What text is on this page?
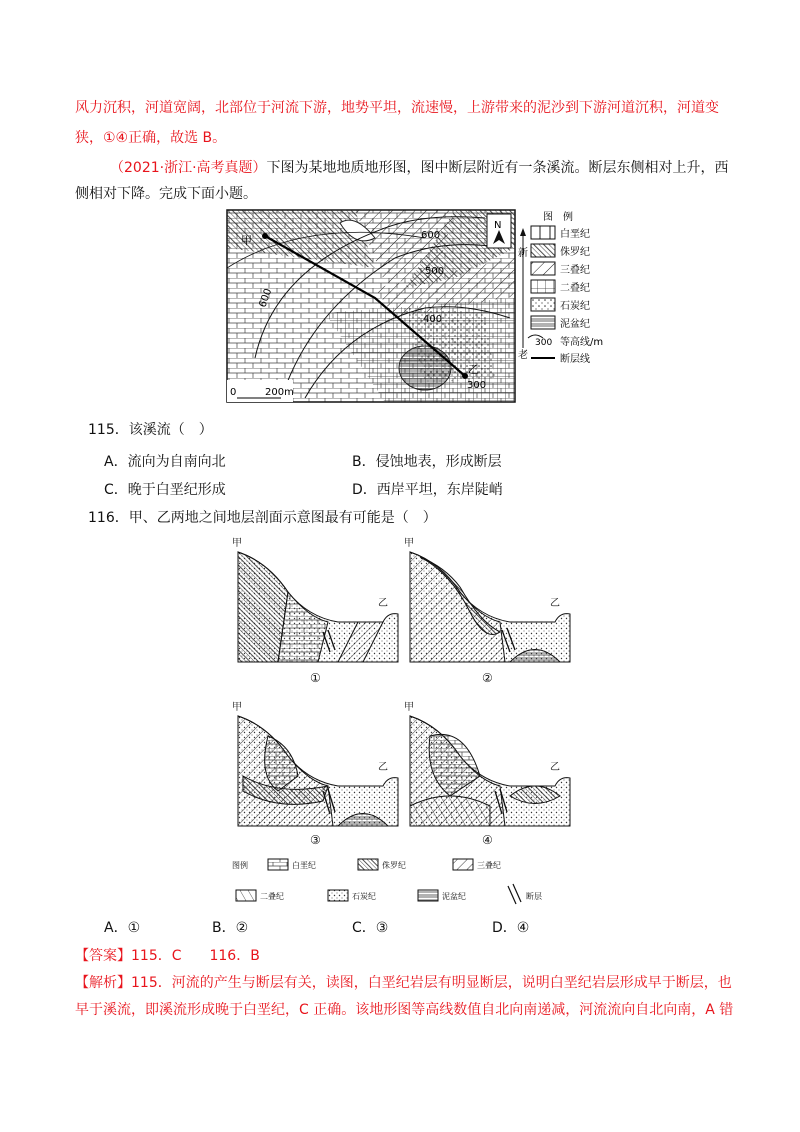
风力沉积，河道宽阔，北部位于河流下游，地势平坦，流速慢，上游带来的泥沙到下游河道沉积，河道变
狭，①④正确，故选 B。
（2021·浙江·高考真题）下图为某地地质地形图，图中断层附近有一条溪流。断层东侧相对上升，西
侧相对下降。完成下面小题。
甲
乙
600
500
400
600
300
0	200m
N
图　例
新
老
白垩纪
侏罗纪
三叠纪
二叠纪
石炭纪
泥盆纪
300 等高线/m
断层线
115．该溪流（　）
A．流向为自南向北	B．侵蚀地表，形成断层
C．晚于白垩纪形成	D．西岸平坦，东岸陡峭
116．甲、乙两地之间地层剖面示意图最有可能是（　）
甲
乙
甲
乙
甲
乙
甲
乙
①	②
③	④
图例	白垩纪	侏罗纪	三叠纪
二叠纪	石炭纪	泥盆纪	断层
A．①	B．②	C．③	D．④
【答案】115．C　　116．B
【解析】115．河流的产生与断层有关，读图，白垩纪岩层有明显断层，说明白垩纪岩层形成早于断层，也
早于溪流，即溪流形成晚于白垩纪，C 正确。该地形图等高线数值自北向南递减，河流流向自北向南，A 错
